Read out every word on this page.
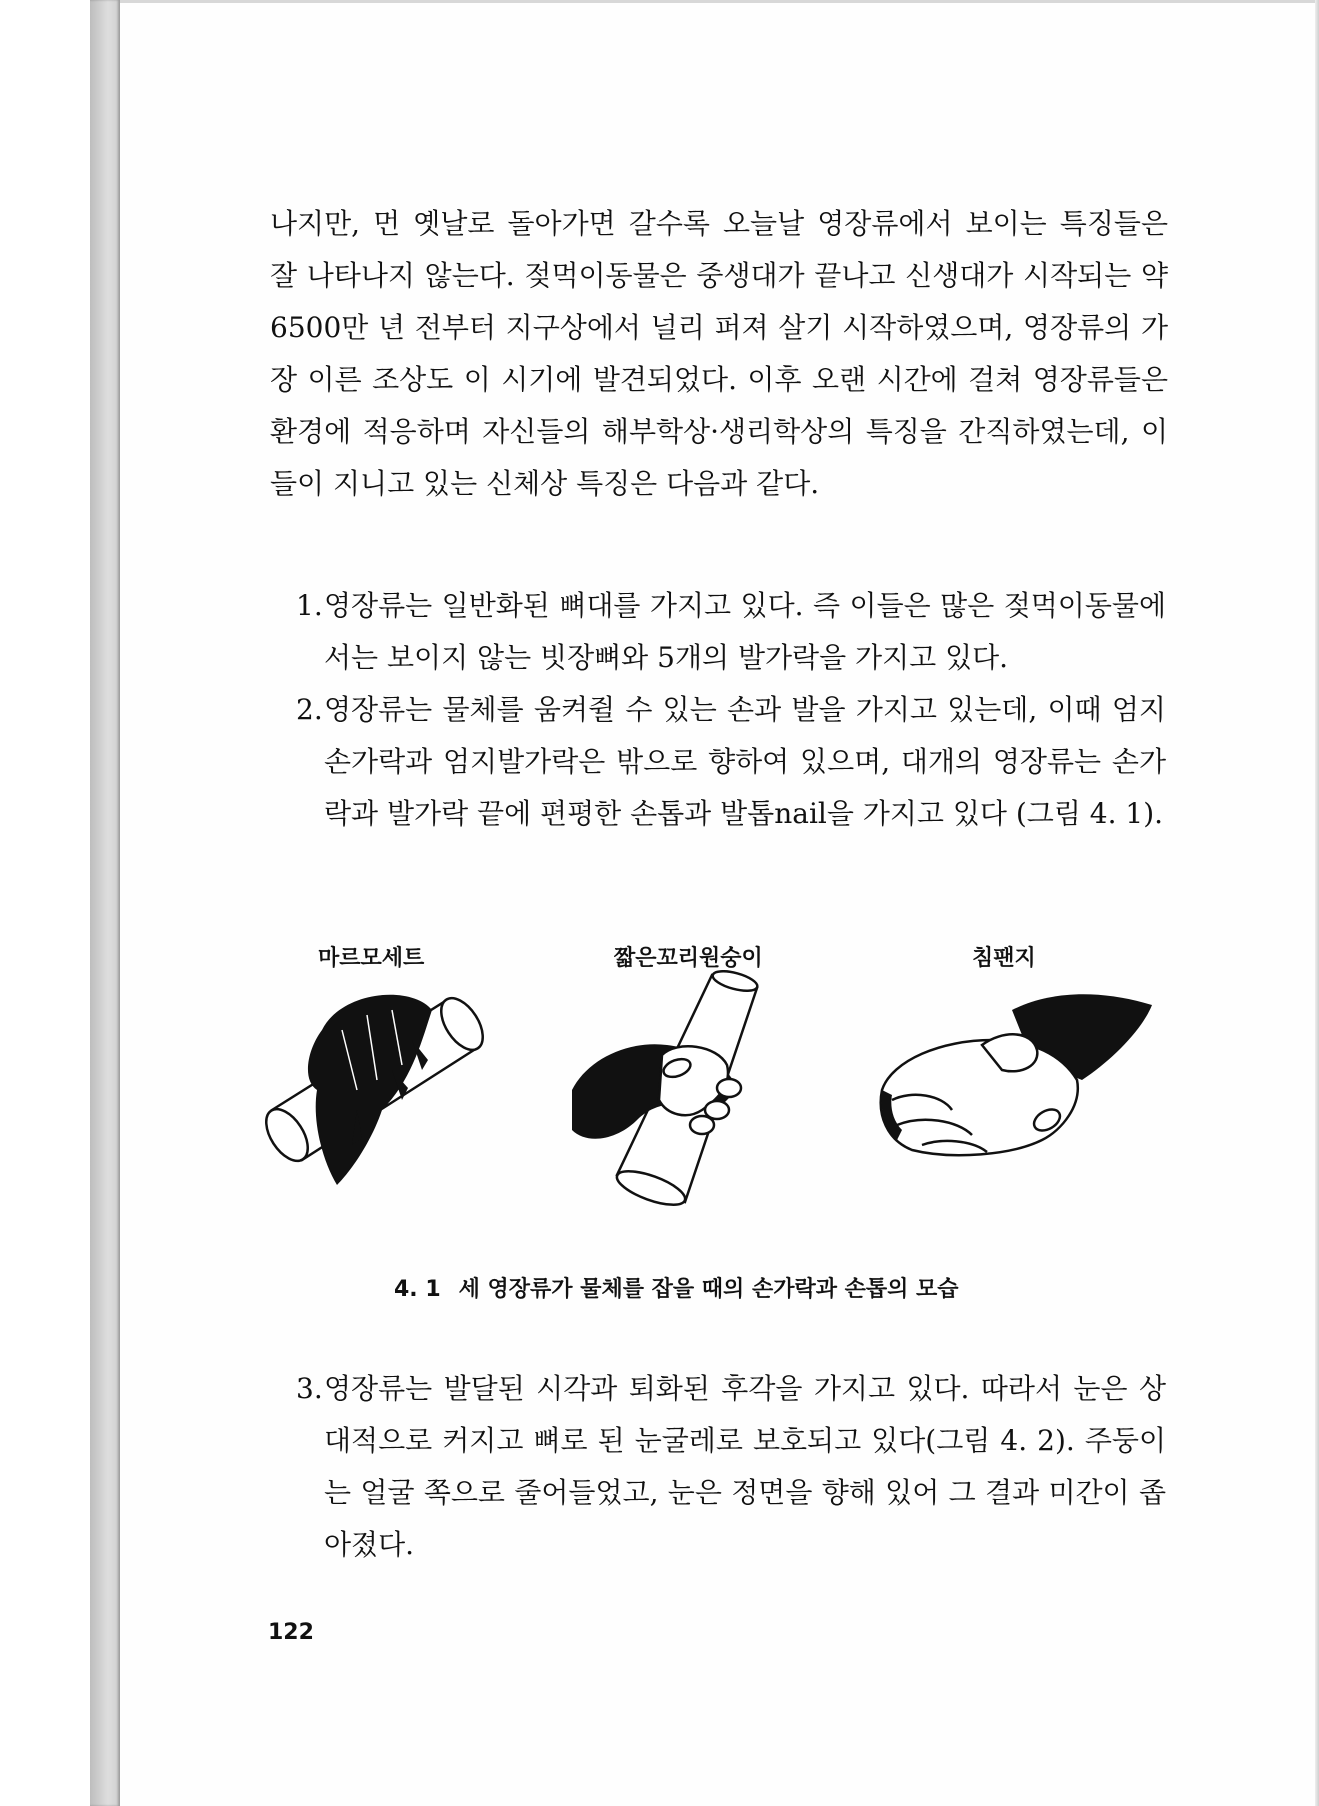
나지만, 먼 옛날로 돌아가면 갈수록 오늘날 영장류에서 보이는 특징들은 잘 나타나지 않는다. 젖먹이동물은 중생대가 끝나고 신생대가 시작되는 약 6500만 년 전부터 지구상에서 널리 퍼져 살기 시작하였으며, 영장류의 가장 이른 조상도 이 시기에 발견되었다. 이후 오랜 시간에 걸쳐 영장류들은 환경에 적응하며 자신들의 해부학상·생리학상의 특징을 간직하였는데, 이들이 지니고 있는 신체상 특징은 다음과 같다.

1. 영장류는 일반화된 뼈대를 가지고 있다. 즉 이들은 많은 젖먹이동물에서는 보이지 않는 빗장뼈와 5개의 발가락을 가지고 있다.
2. 영장류는 물체를 움켜쥘 수 있는 손과 발을 가지고 있는데, 이때 엄지손가락과 엄지발가락은 밖으로 향하여 있으며, 대개의 영장류는 손가락과 발가락 끝에 편평한 손톱과 발톱nail을 가지고 있다 (그림 4. 1).
마르모세트	짧은꼬리원숭이	침팬지
4. 1 세 영장류가 물체를 잡을 때의 손가락과 손톱의 모습
3. 영장류는 발달된 시각과 퇴화된 후각을 가지고 있다. 따라서 눈은 상대적으로 커지고 뼈로 된 눈굴레로 보호되고 있다(그림 4. 2). 주둥이는 얼굴 쪽으로 줄어들었고, 눈은 정면을 향해 있어 그 결과 미간이 좁아졌다.
122
